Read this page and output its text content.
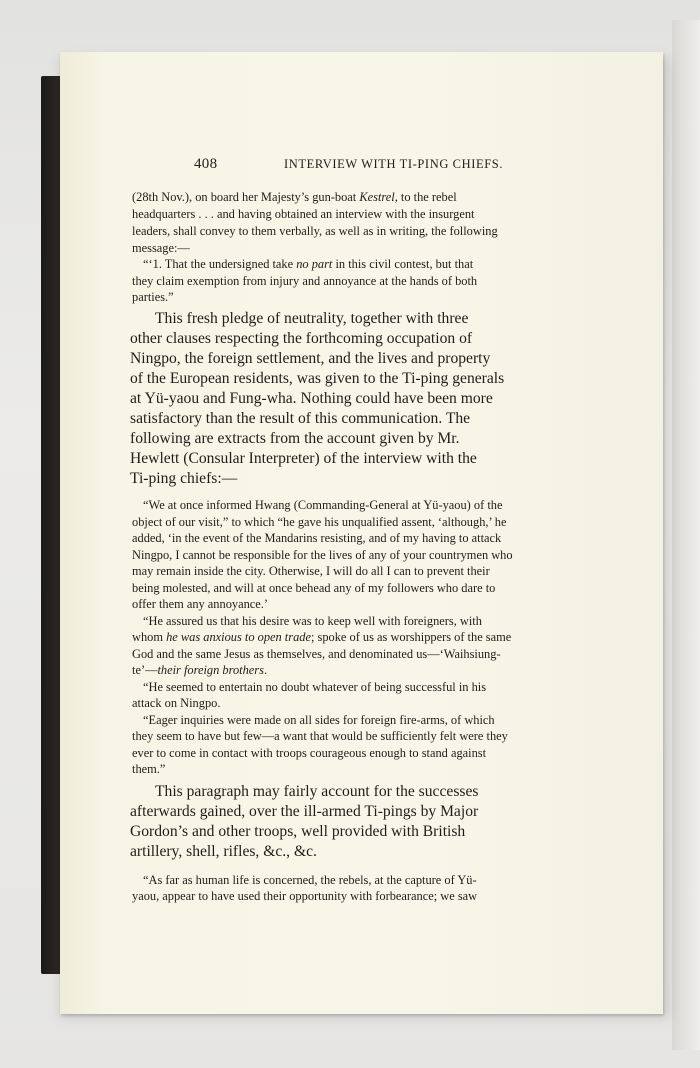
408	INTERVIEW WITH TI-PING CHIEFS.
(28th Nov.), on board her Majesty’s gun-boat Kestrel, to the rebel
headquarters . . . and having obtained an interview with the insurgent
leaders, shall convey to them verbally, as well as in writing, the following
message:—
“‘1. That the undersigned take no part in this civil contest, but that
they claim exemption from injury and annoyance at the hands of both
parties.”
This fresh pledge of neutrality, together with three
other clauses respecting the forthcoming occupation of
Ningpo, the foreign settlement, and the lives and property
of the European residents, was given to the Ti-ping generals
at Yü-yaou and Fung-wha. Nothing could have been more
satisfactory than the result of this communication. The
following are extracts from the account given by Mr.
Hewlett (Consular Interpreter) of the interview with the
Ti-ping chiefs:—
“We at once informed Hwang (Commanding-General at Yü-yaou) of the
object of our visit,” to which “he gave his unqualified assent, ‘although,’ he
added, ‘in the event of the Mandarins resisting, and of my having to attack
Ningpo, I cannot be responsible for the lives of any of your countrymen who
may remain inside the city. Otherwise, I will do all I can to prevent their
being molested, and will at once behead any of my followers who dare to
offer them any annoyance.’
“He assured us that his desire was to keep well with foreigners, with
whom he was anxious to open trade; spoke of us as worshippers of the same
God and the same Jesus as themselves, and denominated us—‘Waihsiung-
te’—their foreign brothers.
“He seemed to entertain no doubt whatever of being successful in his
attack on Ningpo.
“Eager inquiries were made on all sides for foreign fire-arms, of which
they seem to have but few—a want that would be sufficiently felt were they
ever to come in contact with troops courageous enough to stand against
them.”
This paragraph may fairly account for the successes
afterwards gained, over the ill-armed Ti-pings by Major
Gordon’s and other troops, well provided with British
artillery, shell, rifles, &c., &c.
“As far as human life is concerned, the rebels, at the capture of Yü-
yaou, appear to have used their opportunity with forbearance; we saw
